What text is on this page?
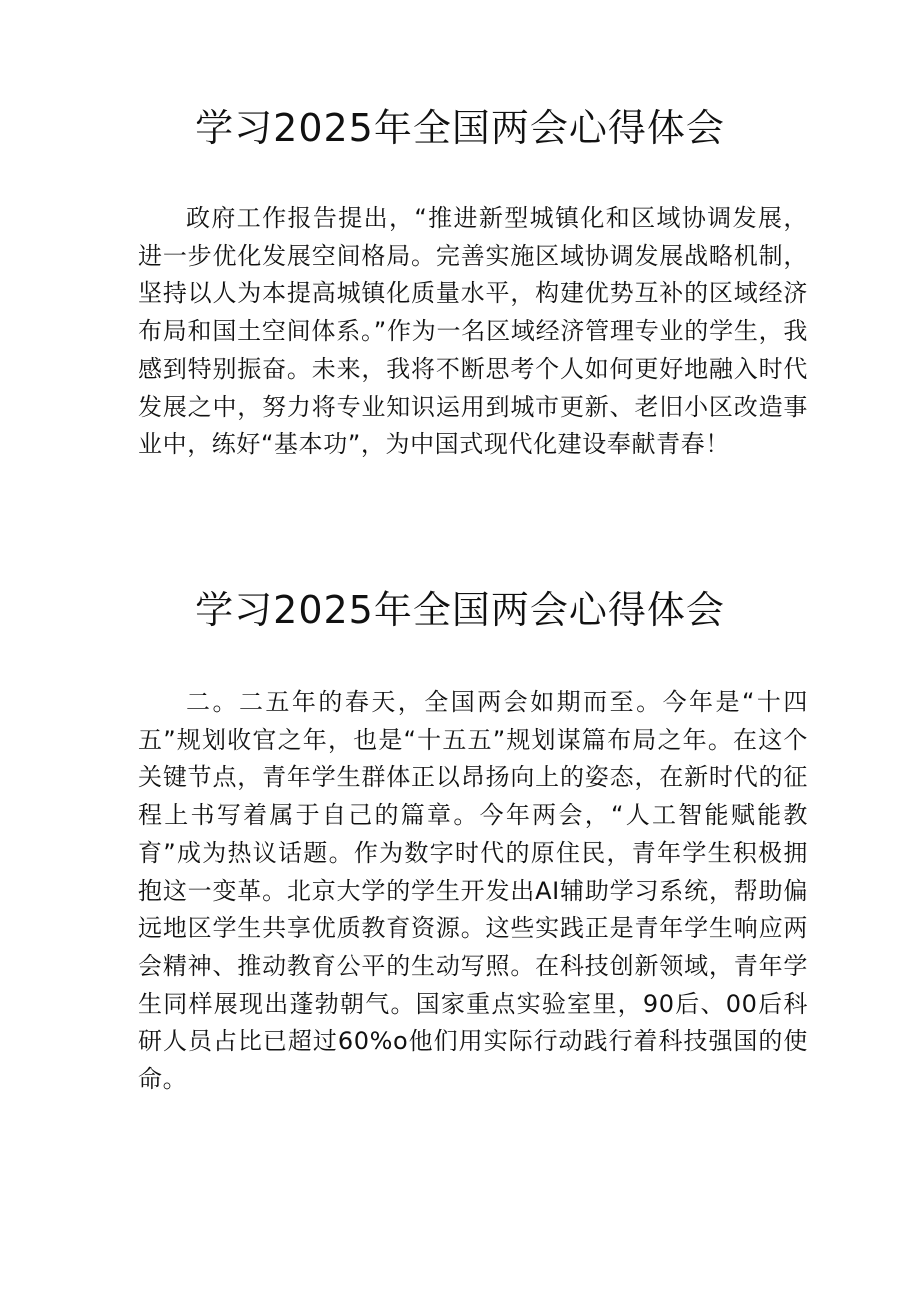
学习2025年全国两会心得体会

政府工作报告提出，“推进新型城镇化和区域协调发展，进一步优化发展空间格局。完善实施区域协调发展战略机制，坚持以人为本提高城镇化质量水平，构建优势互补的区域经济布局和国土空间体系。”作为一名区域经济管理专业的学生，我感到特别振奋。未来，我将不断思考个人如何更好地融入时代发展之中，努力将专业知识运用到城市更新、老旧小区改造事业中，练好“基本功”，为中国式现代化建设奉献青春！

学习2025年全国两会心得体会

二。二五年的春天，全国两会如期而至。今年是“十四五”规划收官之年，也是“十五五”规划谋篇布局之年。在这个关键节点，青年学生群体正以昂扬向上的姿态，在新时代的征程上书写着属于自己的篇章。今年两会，“人工智能赋能教育”成为热议话题。作为数字时代的原住民，青年学生积极拥抱这一变革。北京大学的学生开发出AI辅助学习系统，帮助偏远地区学生共享优质教育资源。这些实践正是青年学生响应两会精神、推动教育公平的生动写照。在科技创新领域，青年学生同样展现出蓬勃朝气。国家重点实验室里，90后、00后科研人员占比已超过60%o他们用实际行动践行着科技强国的使命。
